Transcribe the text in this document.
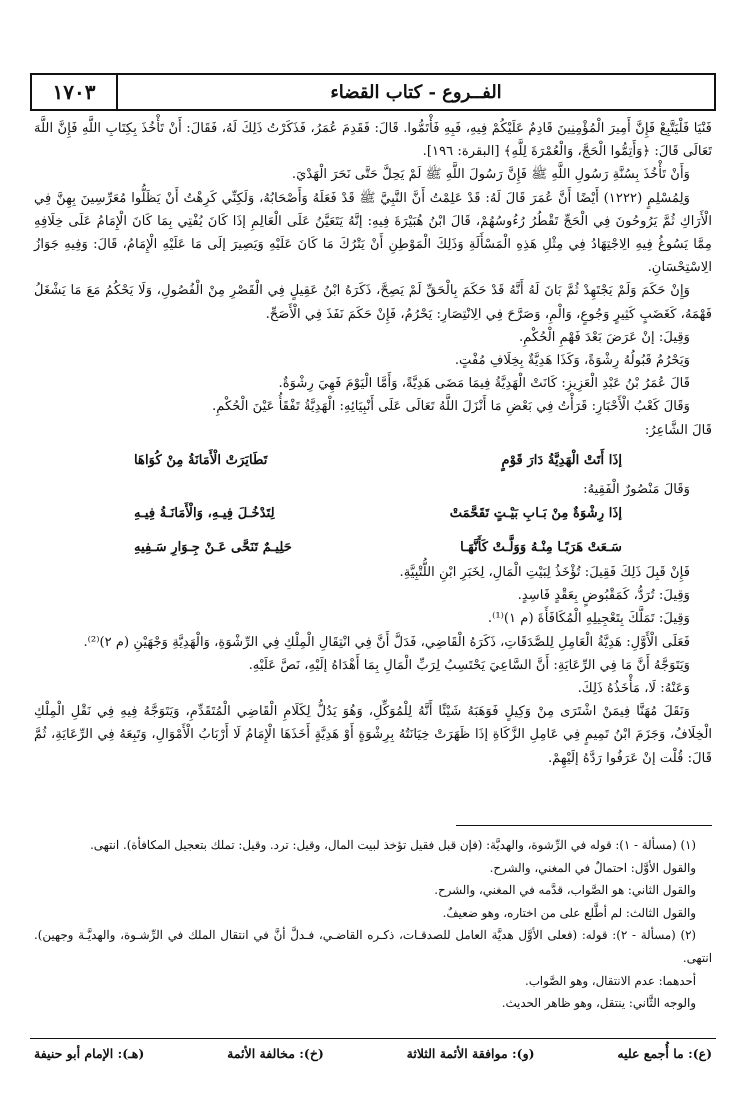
١٧٠٣	الفــروع - كتاب القضاء

فَنْيَا فَلْيَتَّبِعْ فَإِنَّ أَمِيرَ الْمُؤْمِنِينَ قَادِمٌ عَلَيْكُمْ فِيهِ، فَبِهِ فَأْتَمُّوا. قَالَ: فَقَدِمَ عُمَرُ، فَذَكَرْتُ ذَلِكَ لَهُ، فَقَالَ: أَنْ تَأْخُذَ بِكِتَابِ اللَّهِ فَإِنَّ اللَّهَ تَعَالَى قَالَ: ﴿وَأَتِمُّوا الْحَجَّ، وَالْعُمْرَةَ لِلَّهِ﴾ [البقرة: ١٩٦].

وَأَنْ تَأْخُذَ بِسُنَّةِ رَسُولِ اللَّهِ ﷺ فَإِنَّ رَسُولَ اللَّهِ ﷺ لَمْ يَحِلَّ حَتَّى نَحَرَ الْهَدْيَ.

وَلِمُسْلِمٍ (١٢٢٢) أَيْضًا أَنَّ عُمَرَ قَالَ لَهُ: قَدْ عَلِمْتُ أَنَّ النَّبِيَّ ﷺ قَدْ فَعَلَهُ وَأَصْحَابُهُ، وَلَكِنِّي كَرِهْتُ أَنْ يَظَلُّوا مُعَرِّسِينَ بِهِنَّ فِي الْأَرَاكِ ثُمَّ يَرُوحُونَ فِي الْحَجِّ تَقْطُرُ رُءُوسُهُمْ، قَالَ ابْنُ هُبَيْرَةَ فِيهِ: إنَّهُ يَتَعَيَّنُ عَلَى الْعَالِمِ إذَا كَانَ يُفْتِي بِمَا كَانَ الْإِمَامُ عَلَى خِلَافِهِ مِمَّا يَسُوغُ فِيهِ الِاجْتِهَادُ فِي مِثْلِ هَذِهِ الْمَسْأَلَةِ وَذَلِكَ الْمَوْطِنِ أَنْ يَتْرُكَ مَا كَانَ عَلَيْهِ وَيَصِيرَ إلَى مَا عَلَيْهِ الْإِمَامُ، قَالَ: وَفِيهِ جَوَازُ الِاسْتِحْسَانِ.

وَإِنْ حَكَمَ وَلَمْ يَجْتَهِدْ ثُمَّ بَانَ لَهُ أَنَّهُ قَدْ حَكَمَ بِالْحَقِّ لَمْ يَصِحَّ، ذَكَرَهُ ابْنُ عَقِيلٍ فِي الْقَصْرِ مِنْ الْفُصُولِ، وَلَا يَحْكُمُ مَعَ مَا يَشْغَلُ فَهْمَهُ، كَغَضَبٍ كَثِيرٍ وَجُوعٍ، وَالْمِ، وَصَرَّحَ فِي الِانْتِصَارِ: يَحْرُمُ، فَإِنْ حَكَمَ نَفَذَ فِي الْأَصَحِّ.

وَقِيلَ: إنْ عَرَضَ بَعْدَ فَهْمِ الْحُكْمِ.

وَيَحْرُمُ قَبُولُهُ رِشْوَةً، وَكَذَا هَدِيَّةٌ بِخِلَافِ مُفْتٍ.

قَالَ عُمَرُ بْنُ عَبْدِ الْعَزِيزِ: كَانَتْ الْهَدِيَّةُ فِيمَا مَضَى هَدِيَّةً، وَأَمَّا الْيَوْمَ فَهِيَ رِشْوَةٌ.

وَقَالَ كَعْبُ الْأَحْبَارِ: قَرَأْتُ فِي بَعْضِ مَا أَنْزَلَ اللَّهُ تَعَالَى عَلَى أَنْبِيَائِهِ: الْهَدِيَّةُ تَفْقَأُ عَيْنَ الْحُكْمِ.

قَالَ الشَّاعِرُ:

إذَا أَتَتْ الْهَدِيَّةُ دَارَ قَوْمٍ
تَطَايَرَتْ الْأَمَانَةُ مِنْ كُوَاهَا

وَقَالَ مَنْصُورٌ الْفَقِيهُ:

إذَا رِشْوَةٌ مِنْ بَـابِ بَيْـتٍ تَقَحَّمَتْ
لِتَدْخُـلَ فِيـهِ، وَالْأَمَانَـةُ فِيـهِ
سَـعَتْ هَرَبًـا مِنْـهُ وَوَلَّـتْ كَأَنَّهَـا
حَلِيـمٌ تَنَحَّى عَـنْ جِـوَارِ سَـفِيهِ

فَإِنْ قَبِلَ ذَلِكَ فَقِيلَ: تُؤْخَذُ لِبَيْتِ الْمَالِ، لِخَبَرِ ابْنِ اللُّتْبِيَّةِ.

وَقِيلَ: تُرَدُّ، كَمَقْبُوضٍ بِعَقْدٍ فَاسِدٍ.

وَقِيلَ: تَمَلَّكَ بِتَعْجِيلِهِ الْمُكَافَأَةَ (م ١)⁽¹⁾.

فَعَلَى الْأَوَّلِ: هَدِيَّةُ الْعَامِلِ لِلصَّدَقَاتِ، ذَكَرَهُ الْقَاضِي، فَدَلَّ أَنَّ فِي انْتِقَالِ الْمِلْكِ فِي الرِّشْوَةِ، وَالْهَدِيَّةِ وَجْهَيْنِ (م ٢)⁽²⁾.

وَيَتَوَجَّهُ أَنَّ مَا فِي الرِّعَايَةِ: أَنَّ السَّاعِيَ يَحْتَسِبُ لِرَبِّ الْمَالِ بِمَا أَهْدَاهُ إلَيْهِ، نَصَّ عَلَيْهِ.

وَعَنْهُ: لَا، مَأْخَذُهُ ذَلِكَ.

وَنَقَلَ مُهَنَّا فِيمَنْ اشْتَرَى مِنْ وَكِيلٍ فَوَهَبَهُ شَيْئًا أَنَّهُ لِلْمُوَكِّلِ، وَهُوَ يَدُلُّ لِكَلَامِ الْقَاضِي الْمُتَقَدِّمِ، وَيَتَوَجَّهُ فِيهِ فِي نَقْلِ الْمِلْكِ الْخِلَافُ، وَجَزَمَ ابْنُ تَمِيمٍ فِي عَامِلِ الزَّكَاةِ إذَا ظَهَرَتْ خِيَانَتُهُ بِرِشْوَةٍ أَوْ هَدِيَّةٍ أَخَذَهَا الْإِمَامُ لَا أَرْبَابُ الْأَمْوَالِ، وَتَبِعَهُ فِي الرِّعَايَةِ، ثُمَّ قَالَ: قُلْت إنْ عَرَفُوا رَدَّهُ إلَيْهِمْ.

(١) (مسألة - ١): قوله في الرِّشوة، والهديَّة: (فإن قبل فقيل تؤخذ لبيت المال، وقيل: ترد. وقيل: تملك بتعجيل المكافأة). انتهى.

والقول الأوَّل: احتمالٌ في المغني، والشرح.

والقول الثاني: هو الصَّواب، قدَّمه في المغني، والشرح.

والقول الثالث: لم أطَّلع على من اختاره، وهو ضعيفٌ.

(٢) (مسألة - ٢): قوله: (فعلى الأوَّل هديَّة العامل للصدقـات، ذكـره القاضـي، فـدلَّ أنَّ في انتقال الملك في الرِّشـوة، والهديَّـة وجهين). انتهى.

أحدهما: عدم الانتقال، وهو الصَّواب.

والوجه الثَّاني: ينتقل، وهو ظاهر الحديث.

(ع): ما أُجمع عليه
(و): موافقة الأئمة الثلاثة
(خ): مخالفة الأئمة
(هـ): الإمام أبو حنيفة
